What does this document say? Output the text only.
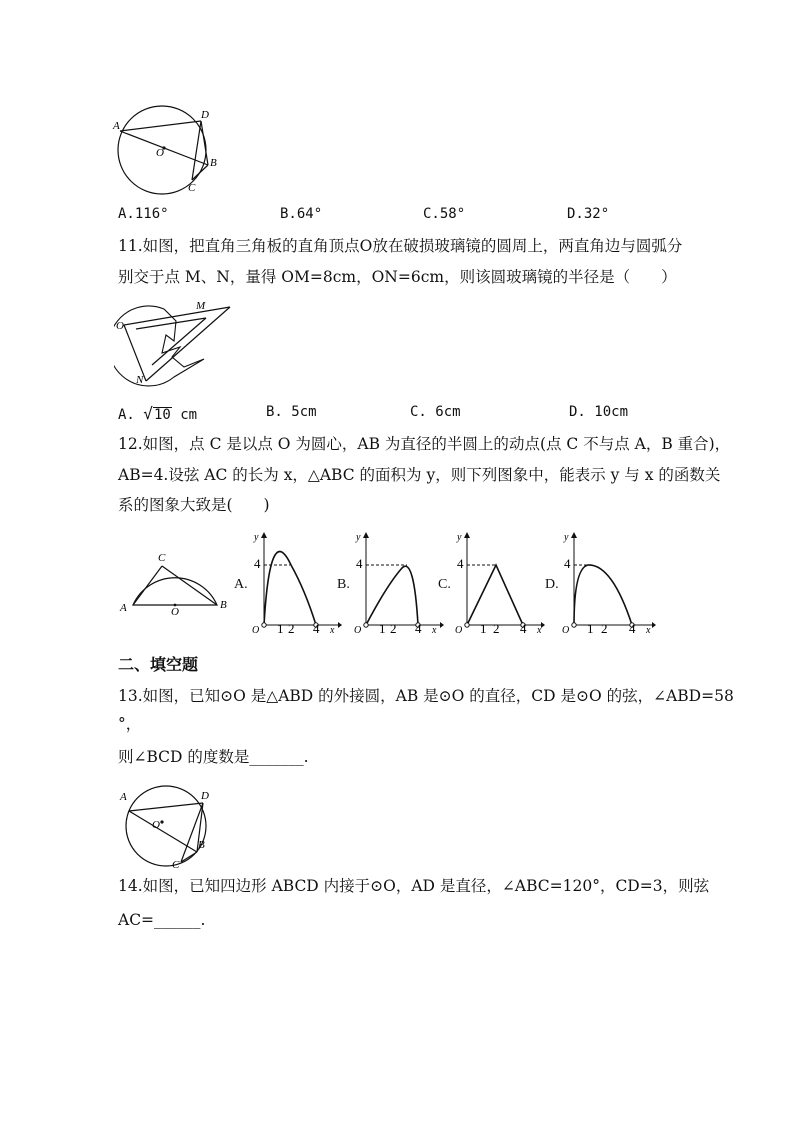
A
D
O
B
C
A.116°	B.64°	C.58°	D.32°
11.如图，把直角三角板的直角顶点O放在破损玻璃镜的圆周上，两直角边与圆弧分
别交于点 M、N，量得 OM=8cm，ON=6cm，则该圆玻璃镜的半径是（　　）
O
M
N
A. √10 cm	B. 5cm	C. 6cm	D. 10cm
12.如图，点 C 是以点 O 为圆心，AB 为直径的半圆上的动点(点 C 不与点 A，B 重合)，
AB=4.设弦 AC 的长为 x，△ABC 的面积为 y，则下列图象中，能表示 y 与 x 的函数关
系的图象大致是(　　)
C
A	O
B
A.
y
x
O 1 2 4
4
B.
y
x
O 1 2 4
4
C.
y
x
O 1 2 4
4
D.
y
x
O 1 2 4
4
二、填空题
13.如图，已知⊙O 是△ABD 的外接圆，AB 是⊙O 的直径，CD 是⊙O 的弦，∠ABD=58
°，
则∠BCD 的度数是_______.
A	D
O
B
C
14.如图，已知四边形 ABCD 内接于⊙O，AD 是直径，∠ABC=120°，CD=3，则弦
AC=______.
